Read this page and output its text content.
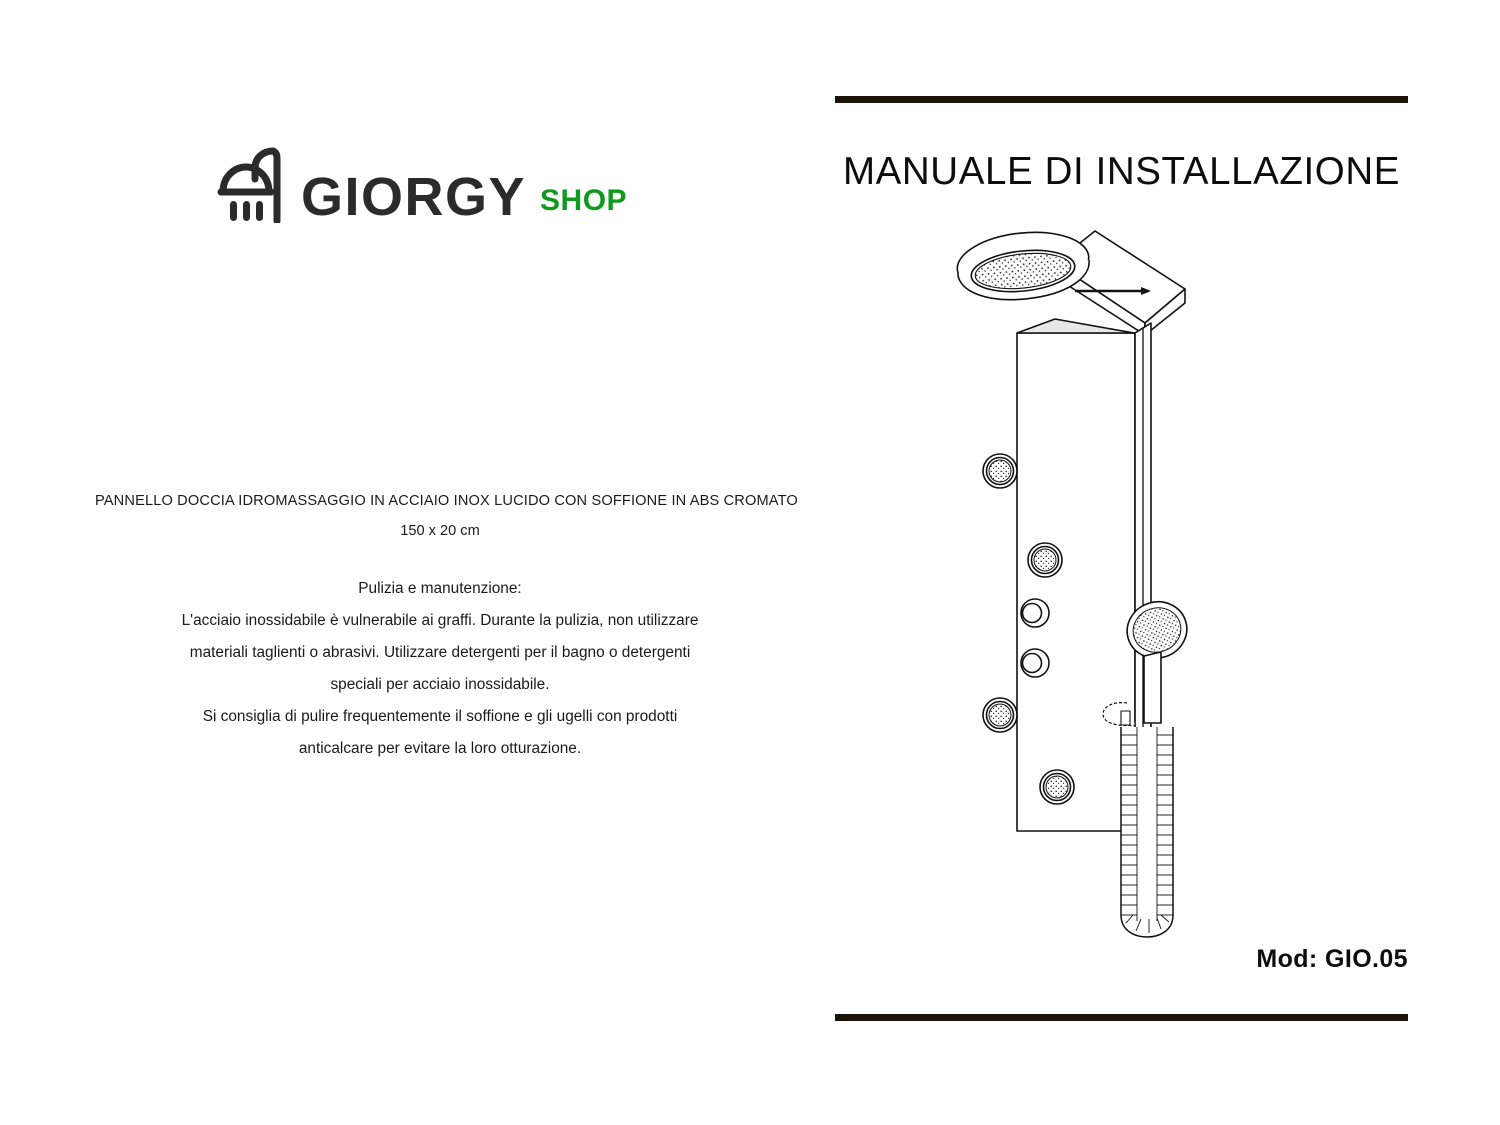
GIORGY SHOP
PANNELLO DOCCIA IDROMASSAGGIO IN ACCIAIO INOX LUCIDO CON SOFFIONE IN ABS CROMATO
150 x 20 cm
Pulizia e manutenzione:
L'acciaio inossidabile è vulnerabile ai graffi. Durante la pulizia, non utilizzare
materiali taglienti o abrasivi. Utilizzare detergenti per il bagno o detergenti
speciali per acciaio inossidabile.
Si consiglia di pulire frequentemente il soffione e gli ugelli con prodotti
anticalcare per evitare la loro otturazione.
MANUALE DI INSTALLAZIONE
Mod: GIO.05
